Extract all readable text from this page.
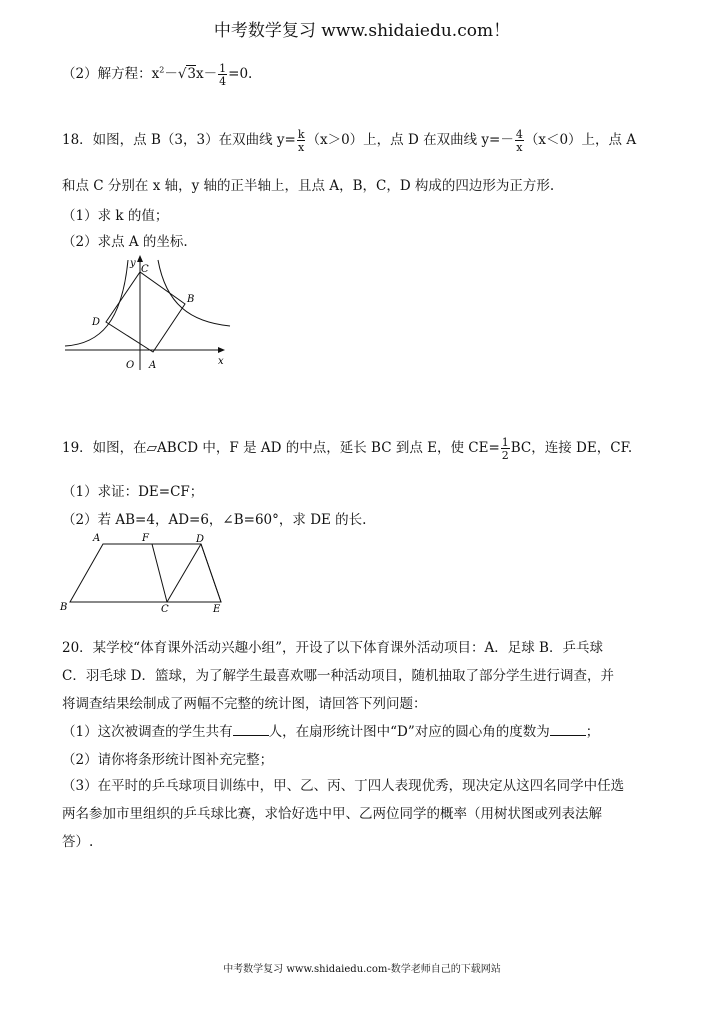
中考数学复习 www.shidaiedu.com！
（2）解方程：$x^2-√3x- \frac{1}{4} =0$.
18．如图，点 B（3，3）在双曲线 $y= \frac{k}{x} (x>0)$上，点 D 在双曲线 $y=- \frac{4}{x} (x<0)$上，点 A
和点 C 分别在 x 轴，y 轴的正半轴上，且点 A，B，C，D 构成的四边形为正方形.
（1）求 k 的值；
（2）求点 A 的坐标.
y
x
O A
B
C
D
19．如图，在▱ABCD 中，F 是 AD 的中点，延长 BC 到点 E，使 $CE= \frac{1}{2}$ BC，连接 DE，CF.
（1）求证：DE=CF；
（2）若 AB=4，AD=6，∠B=60°，求 DE 的长.
A	F	D
B	C	E
20．某学校“体育课外活动兴趣小组”，开设了以下体育课外活动项目：A．足球 B．乒乓球
C．羽毛球 D．篮球，为了解学生最喜欢哪一种活动项目，随机抽取了部分学生进行调查，并
将调查结果绘制成了两幅不完整的统计图，请回答下列问题：
（1）这次被调查的学生共有	人，在扇形统计图中“D”对应的圆心角的度数为	；
（2）请你将条形统计图补充完整；
（3）在平时的乒乓球项目训练中，甲、乙、丙、丁四人表现优秀，现决定从这四名同学中任选
两名参加市里组织的乒乓球比赛，求恰好选中甲、乙两位同学的概率（用树状图或列表法解
答）.
中考数学复习 www.shidaiedu.com-数学老师自己的下载网站
